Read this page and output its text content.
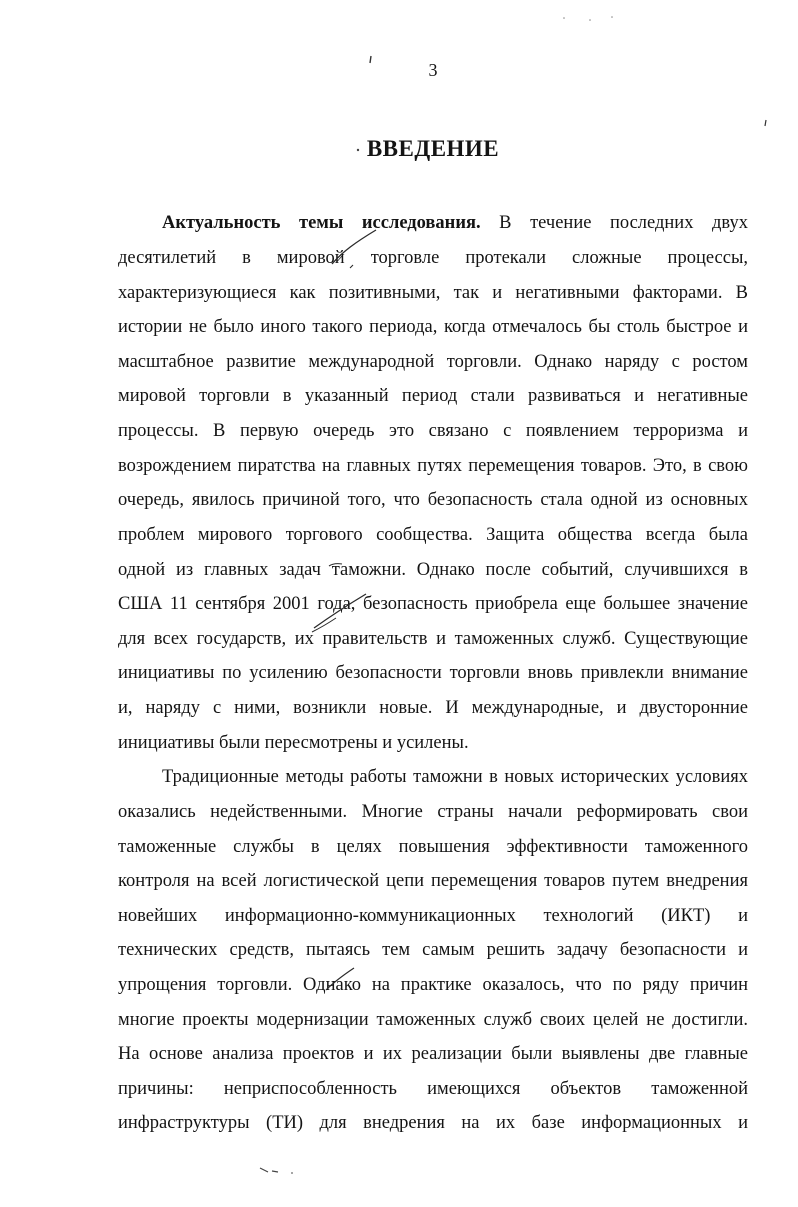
3
ВВЕДЕНИЕ
Актуальность темы исследования. В течение последних двух
десятилетий в мировой торговле протекали сложные процессы,
характеризующиеся как позитивными, так и негативными факторами. В
истории не было иного такого периода, когда отмечалось бы столь быстрое и
масштабное развитие международной торговли. Однако наряду с ростом
мировой торговли в указанный период стали развиваться и негативные
процессы. В первую очередь это связано с появлением терроризма и
возрождением пиратства на главных путях перемещения товаров. Это, в свою
очередь, явилось причиной того, что безопасность стала одной из основных
проблем мирового торгового сообщества. Защита общества всегда была
одной из главных задач таможни. Однако после событий, случившихся в
США 11 сентября 2001 года, безопасность приобрела еще большее значение
для всех государств, их правительств и таможенных служб. Существующие
инициативы по усилению безопасности торговли вновь привлекли внимание
и, наряду с ними, возникли новые. И международные, и двусторонние
инициативы были пересмотрены и усилены.
Традиционные методы работы таможни в новых исторических условиях
оказались недейственными. Многие страны начали реформировать свои
таможенные службы в целях повышения эффективности таможенного
контроля на всей логистической цепи перемещения товаров путем внедрения
новейших информационно-коммуникационных технологий (ИКТ) и
технических средств, пытаясь тем самым решить задачу безопасности и
упрощения торговли. Однако на практике оказалось, что по ряду причин
многие проекты модернизации таможенных служб своих целей не достигли.
На основе анализа проектов и их реализации были выявлены две главные
причины: неприспособленность имеющихся объектов таможенной
инфраструктуры (ТИ) для внедрения на их базе информационных и
